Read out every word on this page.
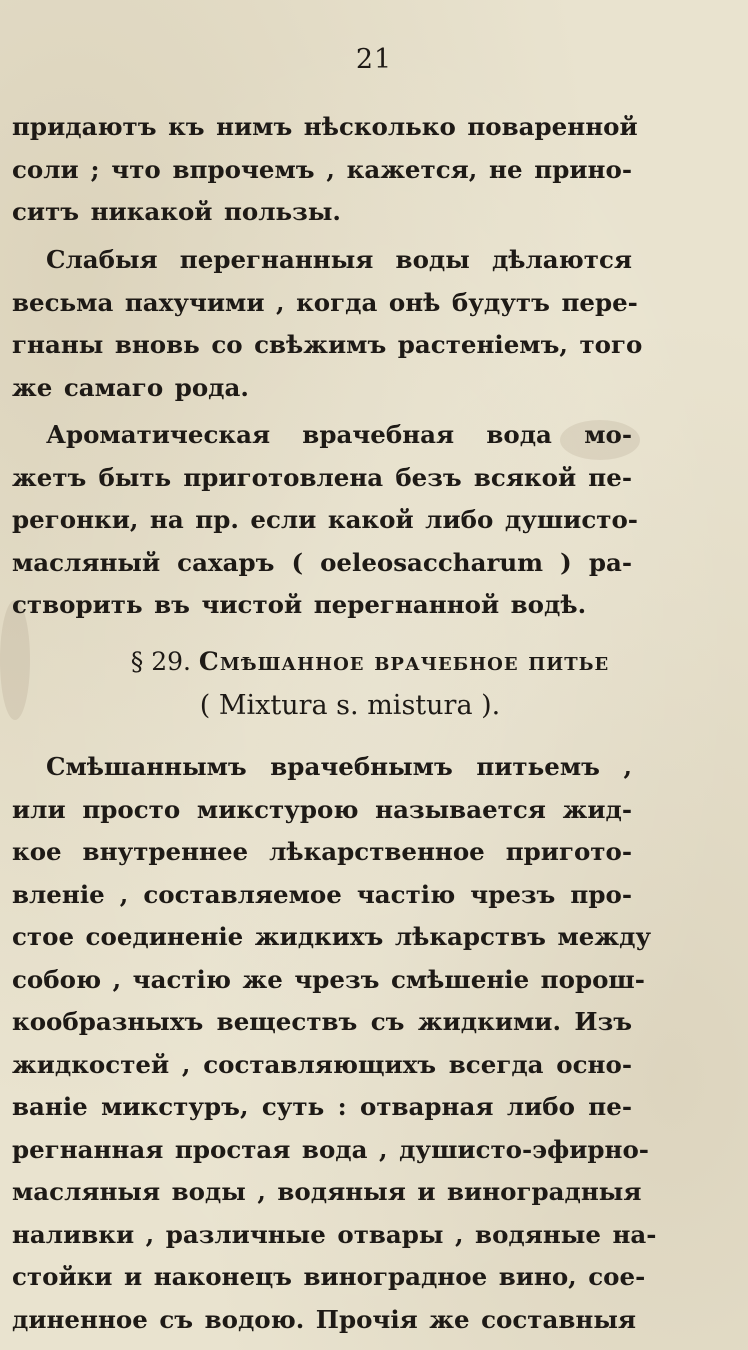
21
придаютъ къ нимъ нѣсколько поваренной
соли ; что впрочемъ , кажется, не прино-
ситъ никакой пользы.
Слабыя перегнанныя воды дѣлаются
весьма пахучими , когда онѣ будутъ пере-
гнаны вновь со свѣжимъ растеніемъ, того
же самаго рода.
Ароматическая врачебная вода мо-
жетъ быть приготовлена безъ всякой пе-
регонки, на пр. если какой либо душисто-
масляный сахаръ ( oeleosaccharum ) ра-
створить въ чистой перегнанной водѣ.
§ 29. Смѣшанное врачебное питье
( Mixtura s. mistura ).
Смѣшаннымъ врачебнымъ питьемъ ,
или просто микстурою называется жид-
кое внутреннее лѣкарственное пригото-
вленіе , составляемое частію чрезъ про-
стое соединеніе жидкихъ лѣкарствъ между
собою , частію же чрезъ смѣшеніе порош-
кообразныхъ веществъ съ жидкими. Изъ
жидкостей , составляющихъ всегда осно-
ваніе микстуръ, суть : отварная либо пе-
регнанная простая вода , душисто-эфирно-
масляныя воды , водяныя и виноградныя
наливки , различные отвары , водяные на-
стойки и наконецъ виноградное вино, сое-
диненное съ водою. Прочія же составныя
